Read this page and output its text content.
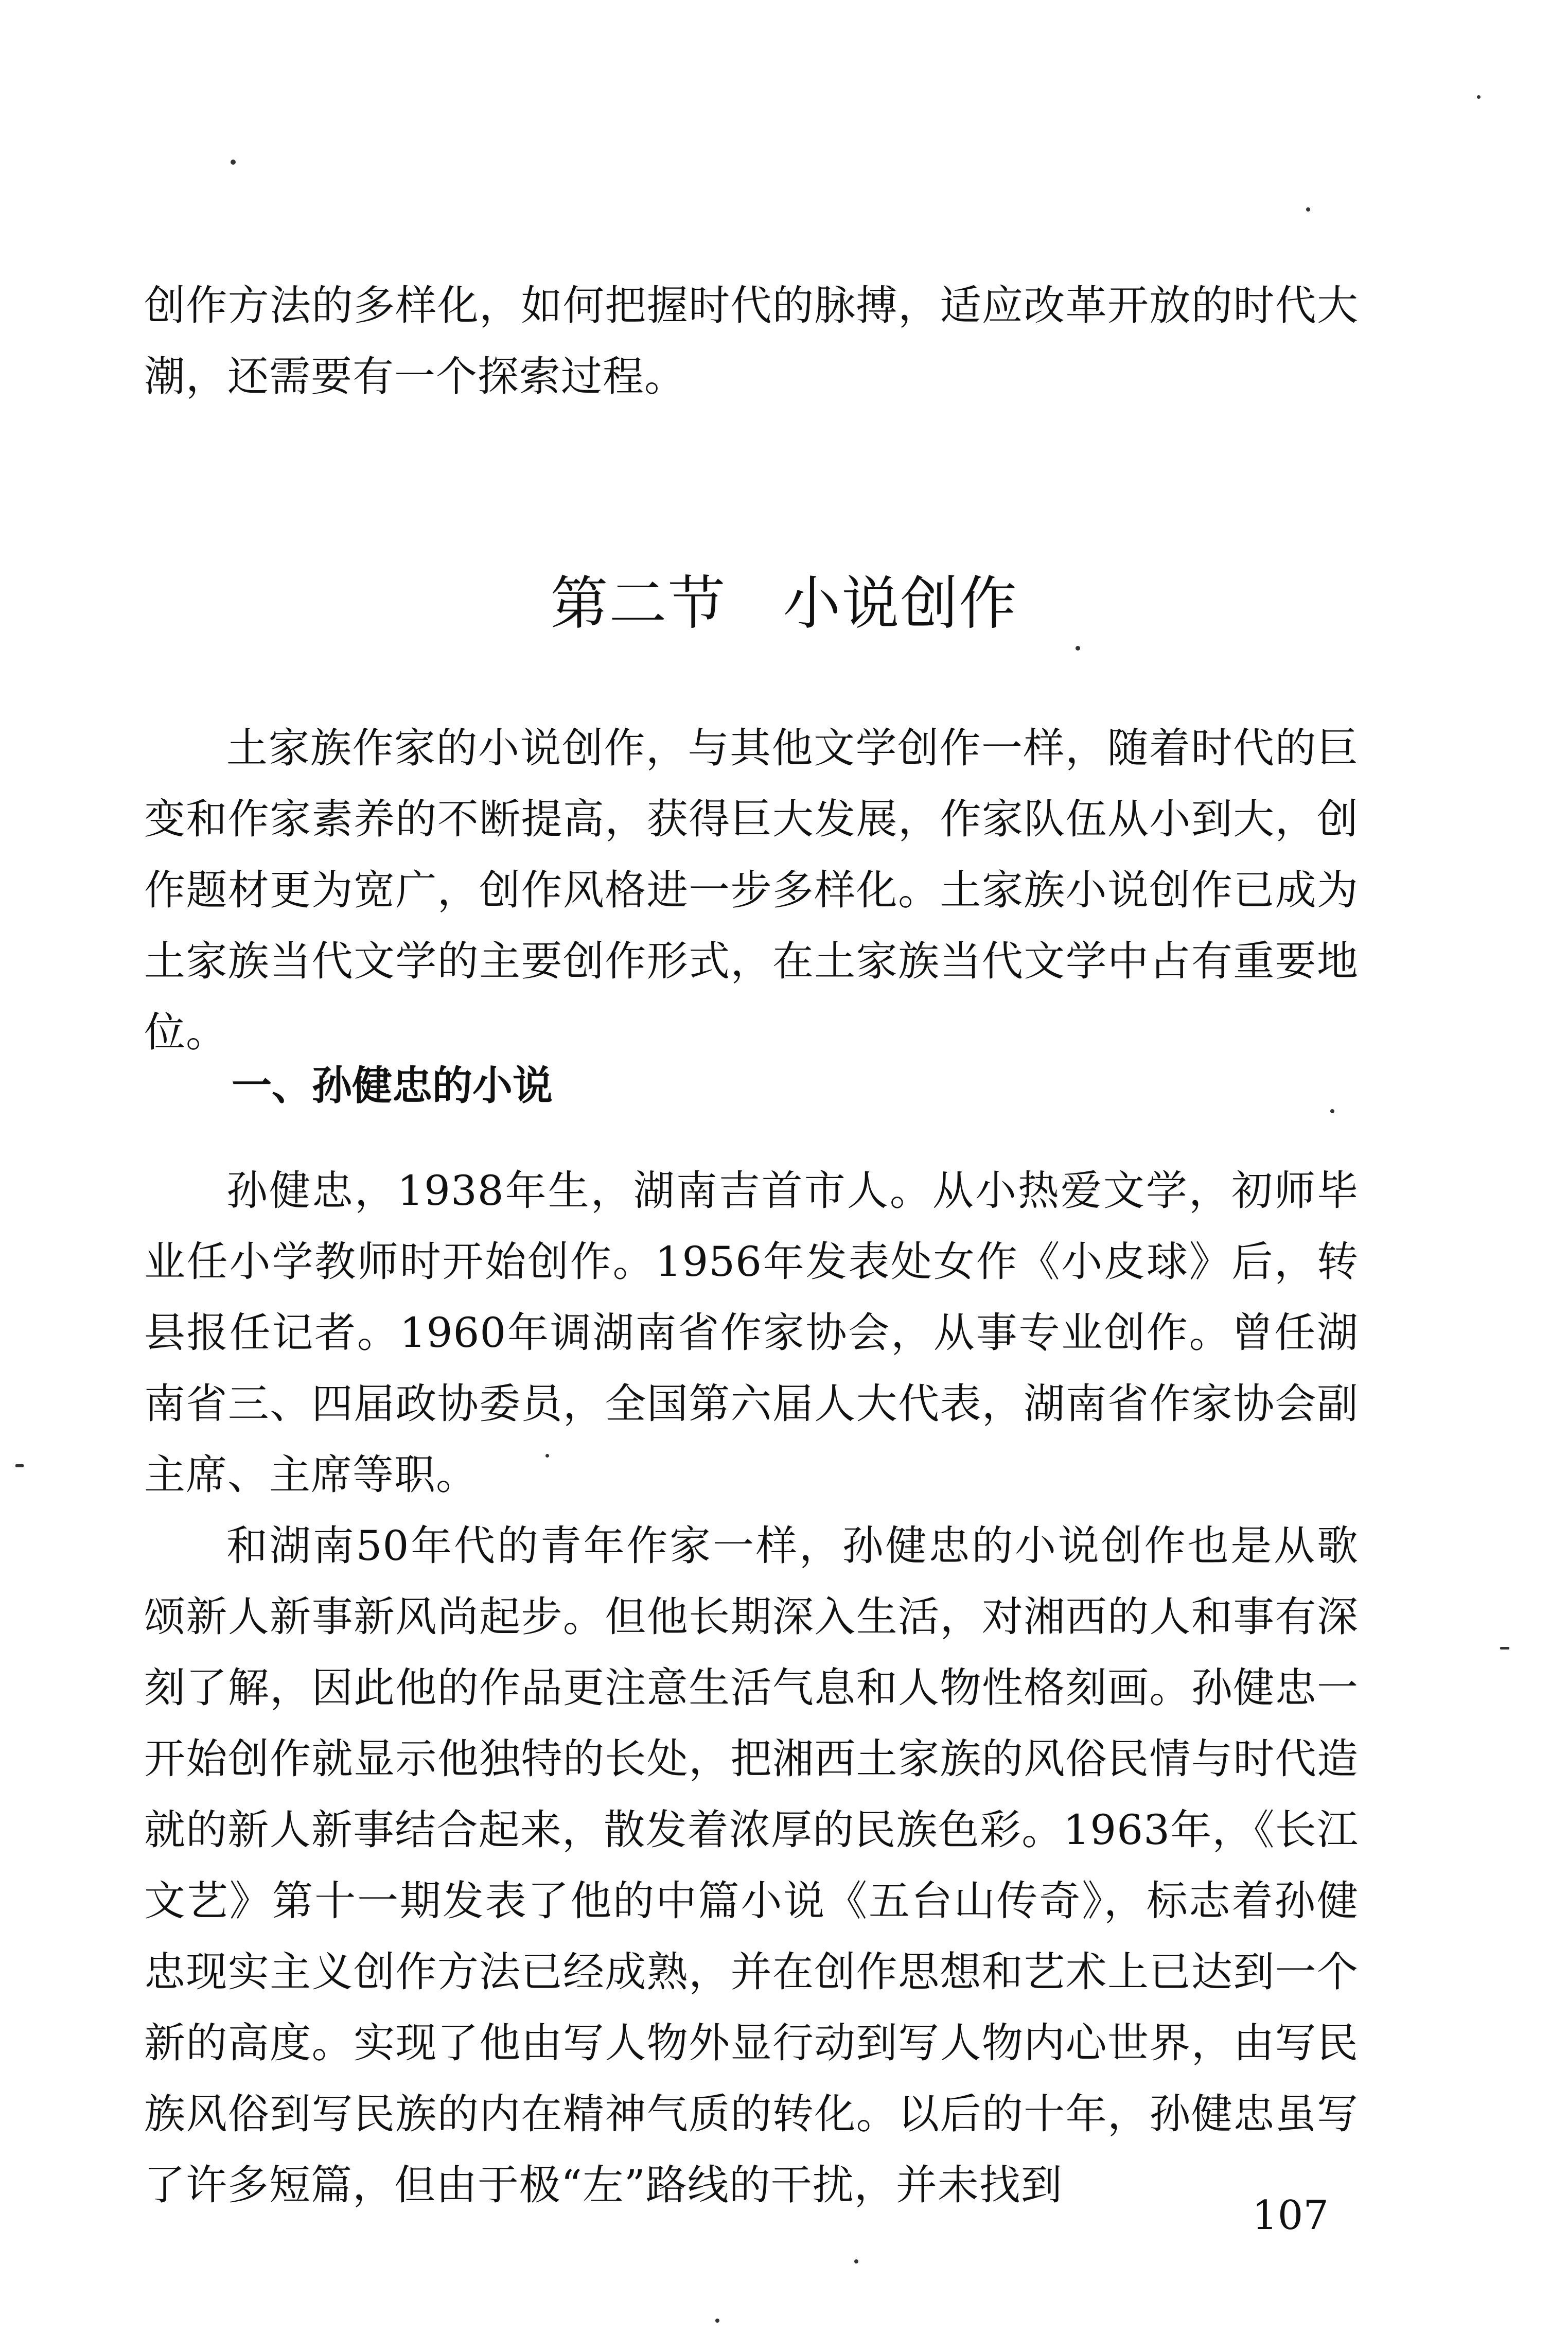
创作方法的多样化，如何把握时代的脉搏，适应改革开放的时代大潮，还需要有一个探索过程。

第二节 小说创作

土家族作家的小说创作，与其他文学创作一样，随着时代的巨变和作家素养的不断提高，获得巨大发展，作家队伍从小到大，创作题材更为宽广，创作风格进一步多样化。土家族小说创作已成为土家族当代文学的主要创作形式，在土家族当代文学中占有重要地位。

一、孙健忠的小说

孙健忠，1938年生，湖南吉首市人。从小热爱文学，初师毕业任小学教师时开始创作。1956年发表处女作《小皮球》后，转县报任记者。1960年调湖南省作家协会，从事专业创作。曾任湖南省三、四届政协委员，全国第六届人大代表，湖南省作家协会副主席、主席等职。

和湖南50年代的青年作家一样，孙健忠的小说创作也是从歌颂新人新事新风尚起步。但他长期深入生活，对湘西的人和事有深刻了解，因此他的作品更注意生活气息和人物性格刻画。孙健忠一开始创作就显示他独特的长处，把湘西土家族的风俗民情与时代造就的新人新事结合起来，散发着浓厚的民族色彩。1963年，《长江文艺》第十一期发表了他的中篇小说《五台山传奇》，标志着孙健忠现实主义创作方法已经成熟，并在创作思想和艺术上已达到一个新的高度。实现了他由写人物外显行动到写人物内心世界，由写民族风俗到写民族的内在精神气质的转化。以后的十年，孙健忠虽写了许多短篇，但由于极“左”路线的干扰，并未找到

107
